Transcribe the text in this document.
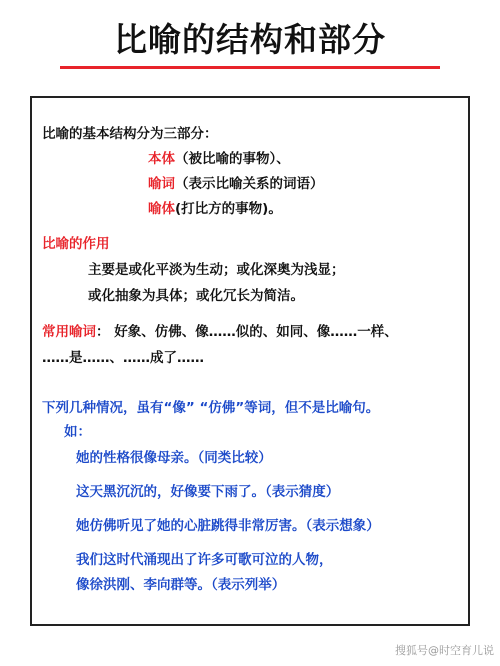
比喻的结构和部分
比喻的基本结构分为三部分：
本体（被比喻的事物）、
喻词（表示比喻关系的词语）
喻体(打比方的事物)。
比喻的作用
主要是或化平淡为生动；或化深奥为浅显；
或化抽象为具体；或化冗长为简洁。
常用喻词： 好象、仿佛、像……似的、如同、像……一样、
……是……、……成了……
下列几种情况，虽有“像” “仿佛”等词，但不是比喻句。
如：
她的性格很像母亲。（同类比较）
这天黑沉沉的，好像要下雨了。（表示猜度）
她仿佛听见了她的心脏跳得非常厉害。（表示想象）
我们这时代涌现出了许多可歌可泣的人物，
像徐洪刚、李向群等。（表示列举）
搜狐号@时空育儿说
